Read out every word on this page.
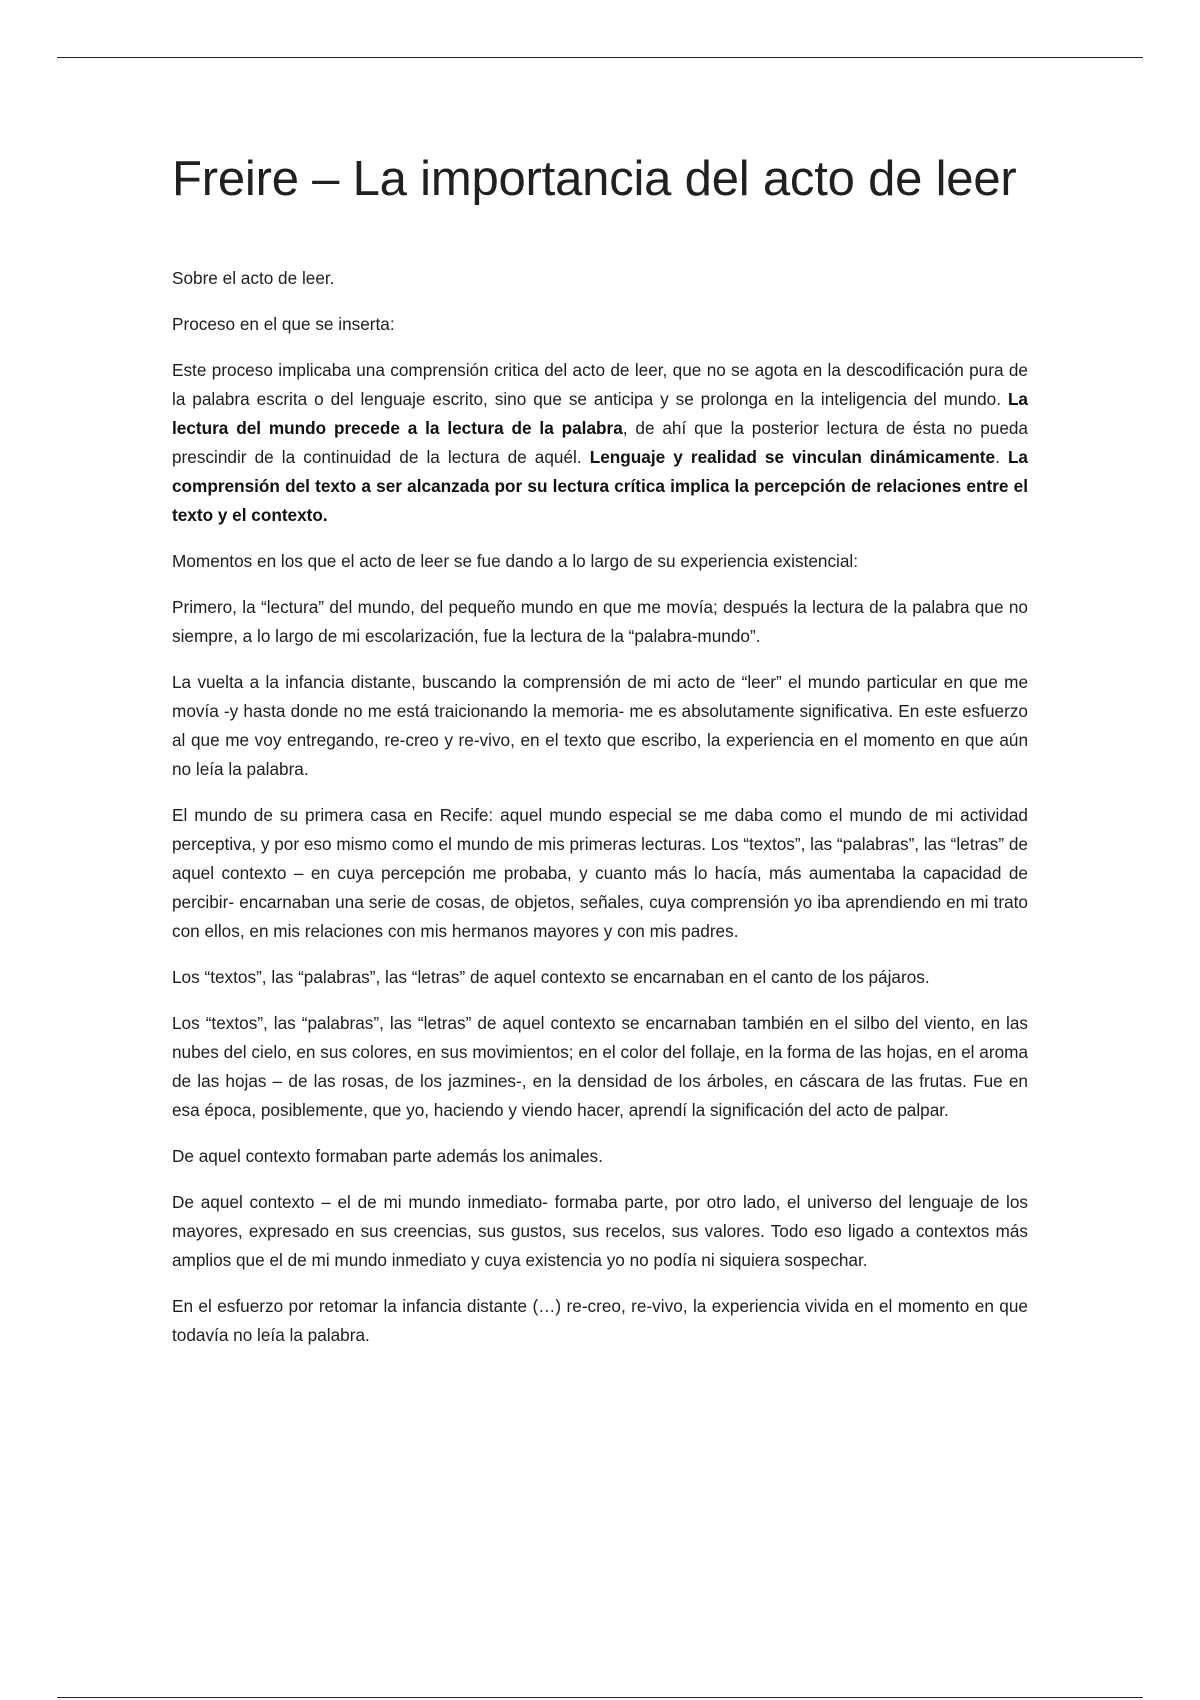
Freire – La importancia del acto de leer

Sobre el acto de leer.

Proceso en el que se inserta:

Este proceso implicaba una comprensión critica del acto de leer, que no se agota en la descodificación pura de la palabra escrita o del lenguaje escrito, sino que se anticipa y se prolonga en la inteligencia del mundo. La lectura del mundo precede a la lectura de la palabra, de ahí que la posterior lectura de ésta no pueda prescindir de la continuidad de la lectura de aquél. Lenguaje y realidad se vinculan dinámicamente. La comprensión del texto a ser alcanzada por su lectura crítica implica la percepción de relaciones entre el texto y el contexto.

Momentos en los que el acto de leer se fue dando a lo largo de su experiencia existencial:

Primero, la “lectura” del mundo, del pequeño mundo en que me movía; después la lectura de la palabra que no siempre, a lo largo de mi escolarización, fue la lectura de la “palabra-mundo”.

La vuelta a la infancia distante, buscando la comprensión de mi acto de “leer” el mundo particular en que me movía -y hasta donde no me está traicionando la memoria- me es absolutamente significativa. En este esfuerzo al que me voy entregando, re-creo y re-vivo, en el texto que escribo, la experiencia en el momento en que aún no leía la palabra.

El mundo de su primera casa en Recife: aquel mundo especial se me daba como el mundo de mi actividad perceptiva, y por eso mismo como el mundo de mis primeras lecturas. Los “textos”, las “palabras”, las “letras” de aquel contexto – en cuya percepción me probaba, y cuanto más lo hacía, más aumentaba la capacidad de percibir- encarnaban una serie de cosas, de objetos, señales, cuya comprensión yo iba aprendiendo en mi trato con ellos, en mis relaciones con mis hermanos mayores y con mis padres.

Los “textos”, las “palabras”, las “letras” de aquel contexto se encarnaban en el canto de los pájaros.

Los “textos”, las “palabras”, las “letras” de aquel contexto se encarnaban también en el silbo del viento, en las nubes del cielo, en sus colores, en sus movimientos; en el color del follaje, en la forma de las hojas, en el aroma de las hojas – de las rosas, de los jazmines-, en la densidad de los árboles, en cáscara de las frutas. Fue en esa época, posiblemente, que yo, haciendo y viendo hacer, aprendí la significación del acto de palpar.

De aquel contexto formaban parte además los animales.

De aquel contexto – el de mi mundo inmediato- formaba parte, por otro lado, el universo del lenguaje de los mayores, expresado en sus creencias, sus gustos, sus recelos, sus valores. Todo eso ligado a contextos más amplios que el de mi mundo inmediato y cuya existencia yo no podía ni siquiera sospechar.

En el esfuerzo por retomar la infancia distante (…) re-creo, re-vivo, la experiencia vivida en el momento en que todavía no leía la palabra.
